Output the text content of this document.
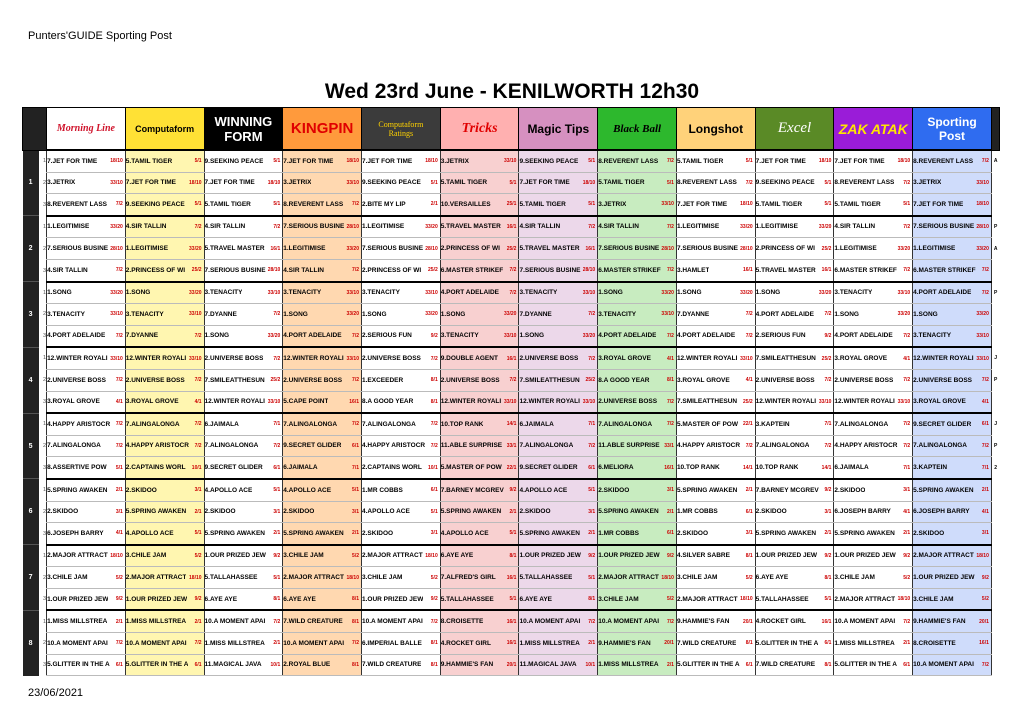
Punters'GUIDE Sporting Post
Wed 23rd June - KENILWORTH 12h30
		Morning Line	Computaform	WINNING
FORM	KINGPIN	Computaform
Ratings	Tricks	Magic Tips	Black Ball	Longshot	Excel	ZAK ATAK	Sporting
Post	
1	1	7.JET FOR TIME 18/10	5.TAMIL TIGER 5/1	9.SEEKING PEACE 5/1	7.JET FOR TIME 18/10	7.JET FOR TIME 18/10	3.JETRIX 33/10	9.SEEKING PEACE 5/1	8.REVERENT LASS 7/2	5.TAMIL TIGER 5/1	7.JET FOR TIME 18/10	7.JET FOR TIME 18/10	8.REVERENT LASS 7/2	A
	2	3.JETRIX 33/10	7.JET FOR TIME 18/10	7.JET FOR TIME 18/10	3.JETRIX 33/10	9.SEEKING PEACE 5/1	5.TAMIL TIGER 5/1	7.JET FOR TIME 18/10	5.TAMIL TIGER 5/1	8.REVERENT LASS 7/2	9.SEEKING PEACE 5/1	8.REVERENT LASS 7/2	3.JETRIX 33/10	

	3	8.REVERENT LASS 7/2	9.SEEKING PEACE 5/1	5.TAMIL TIGER 5/1	8.REVERENT LASS 7/2	2.BITE MY LIP 2/1	10.VERSAILLES 25/1	5.TAMIL TIGER 5/1	3.JETRIX 33/10	7.JET FOR TIME 18/10	5.TAMIL TIGER 5/1	5.TAMIL TIGER 5/1	7.JET FOR TIME 18/10	

2	1	1.LEGITIMISE 33/20	4.SIR TALLIN 7/2	4.SIR TALLIN 7/2	7.SERIOUS BUSINE 28/10	1.LEGITIMISE 33/20	5.TRAVEL MASTER 16/1	4.SIR TALLIN 7/2	4.SIR TALLIN 7/2	1.LEGITIMISE 33/20	1.LEGITIMISE 33/20	4.SIR TALLIN 7/2	7.SERIOUS BUSINE 28/10	P
	2	7.SERIOUS BUSINE 28/10	1.LEGITIMISE 33/20	5.TRAVEL MASTER 16/1	1.LEGITIMISE 33/20	7.SERIOUS BUSINE 28/10	2.PRINCESS OF WI 25/2	5.TRAVEL MASTER 16/1	7.SERIOUS BUSINE 28/10	7.SERIOUS BUSINE 28/10	2.PRINCESS OF WI 25/2	1.LEGITIMISE 33/20	1.LEGITIMISE 33/20	A
	3	4.SIR TALLIN 7/2	2.PRINCESS OF WI 25/2	7.SERIOUS BUSINE 28/10	4.SIR TALLIN 7/2	2.PRINCESS OF WI 25/2	6.MASTER STRIKEF 7/2	7.SERIOUS BUSINE 28/10	6.MASTER STRIKEF 7/2	3.HAMLET 16/1	5.TRAVEL MASTER 16/1	6.MASTER STRIKEF 7/2	6.MASTER STRIKEF 7/2	

3	1	1.SONG 33/20	1.SONG 33/20	3.TENACITY 33/10	3.TENACITY 33/10	3.TENACITY 33/10	4.PORT ADELAIDE 7/2	3.TENACITY 33/10	1.SONG 33/20	1.SONG 33/20	1.SONG 33/20	3.TENACITY 33/10	4.PORT ADELAIDE 7/2	P
	2	3.TENACITY 33/10	3.TENACITY 33/10	7.DYANNE 7/2	1.SONG 33/20	1.SONG 33/20	1.SONG 33/20	7.DYANNE 7/2	3.TENACITY 33/10	7.DYANNE 7/2	4.PORT ADELAIDE 7/2	1.SONG 33/20	1.SONG 33/20	

	3	4.PORT ADELAIDE 7/2	7.DYANNE 7/2	1.SONG 33/20	4.PORT ADELAIDE 7/2	2.SERIOUS FUN 9/2	3.TENACITY 33/10	1.SONG 33/20	4.PORT ADELAIDE 7/2	4.PORT ADELAIDE 7/2	2.SERIOUS FUN 9/2	4.PORT ADELAIDE 7/2	3.TENACITY 33/10	

4	1	12.WINTER ROYALI 33/10	12.WINTER ROYALI 33/10	2.UNIVERSE BOSS 7/2	12.WINTER ROYALI 33/10	2.UNIVERSE BOSS 7/2	9.DOUBLE AGENT 16/1	2.UNIVERSE BOSS 7/2	3.ROYAL GROVE 4/1	12.WINTER ROYALI 33/10	7.SMILEATTHESUN 25/2	3.ROYAL GROVE 4/1	12.WINTER ROYALI 33/10	J
	2	2.UNIVERSE BOSS 7/2	2.UNIVERSE BOSS 7/2	7.SMILEATTHESUN 25/2	2.UNIVERSE BOSS 7/2	1.EXCEEDER 8/1	2.UNIVERSE BOSS 7/2	7.SMILEATTHESUN 25/2	8.A GOOD YEAR 8/1	3.ROYAL GROVE 4/1	2.UNIVERSE BOSS 7/2	2.UNIVERSE BOSS 7/2	2.UNIVERSE BOSS 7/2	P
	3	3.ROYAL GROVE 4/1	3.ROYAL GROVE 4/1	12.WINTER ROYALI 33/10	5.CAPE POINT 16/1	8.A GOOD YEAR 8/1	12.WINTER ROYALI 33/10	12.WINTER ROYALI 33/10	2.UNIVERSE BOSS 7/2	7.SMILEATTHESUN 25/2	12.WINTER ROYALI 33/10	12.WINTER ROYALI 33/10	3.ROYAL GROVE 4/1	

5	1	4.HAPPY ARISTOCR 7/2	7.ALINGALONGA 7/2	6.JAIMALA 7/1	7.ALINGALONGA 7/2	7.ALINGALONGA 7/2	10.TOP RANK 14/1	6.JAIMALA 7/1	7.ALINGALONGA 7/2	5.MASTER OF POW 22/1	3.KAPTEIN 7/1	7.ALINGALONGA 7/2	9.SECRET GLIDER 6/1	J
	2	7.ALINGALONGA 7/2	4.HAPPY ARISTOCR 7/2	7.ALINGALONGA 7/2	9.SECRET GLIDER 6/1	4.HAPPY ARISTOCR 7/2	11.ABLE SURPRISE 33/1	7.ALINGALONGA 7/2	11.ABLE SURPRISE 33/1	4.HAPPY ARISTOCR 7/2	7.ALINGALONGA 7/2	4.HAPPY ARISTOCR 7/2	7.ALINGALONGA 7/2	P
	3	8.ASSERTIVE POW 5/1	2.CAPTAINS WORL 10/1	9.SECRET GLIDER 6/1	6.JAIMALA 7/1	2.CAPTAINS WORL 10/1	5.MASTER OF POW 22/1	9.SECRET GLIDER 6/1	6.MELIORA 16/1	10.TOP RANK 14/1	10.TOP RANK 14/1	6.JAIMALA 7/1	3.KAPTEIN 7/1	2
6	1	5.SPRING AWAKEN 2/1	2.SKIDOO 3/1	4.APOLLO ACE 5/1	4.APOLLO ACE 5/1	1.MR COBBS 6/1	7.BARNEY MCGREV 9/2	4.APOLLO ACE 5/1	2.SKIDOO 3/1	5.SPRING AWAKEN 2/1	7.BARNEY MCGREV 9/2	2.SKIDOO 3/1	5.SPRING AWAKEN 2/1	

	2	2.SKIDOO 3/1	5.SPRING AWAKEN 2/1	2.SKIDOO 3/1	2.SKIDOO 3/1	4.APOLLO ACE 5/1	5.SPRING AWAKEN 2/1	2.SKIDOO 3/1	5.SPRING AWAKEN 2/1	1.MR COBBS 6/1	2.SKIDOO 3/1	6.JOSEPH BARRY 4/1	6.JOSEPH BARRY 4/1	

	3	6.JOSEPH BARRY 4/1	4.APOLLO ACE 5/1	5.SPRING AWAKEN 2/1	5.SPRING AWAKEN 2/1	2.SKIDOO 3/1	4.APOLLO ACE 5/1	5.SPRING AWAKEN 2/1	1.MR COBBS 6/1	2.SKIDOO 3/1	5.SPRING AWAKEN 2/1	5.SPRING AWAKEN 2/1	2.SKIDOO 3/1	

7	1	2.MAJOR ATTRACT 18/10	3.CHILE JAM 5/2	1.OUR PRIZED JEW 9/2	3.CHILE JAM 5/2	2.MAJOR ATTRACT 18/10	6.AYE AYE 8/1	1.OUR PRIZED JEW 9/2	1.OUR PRIZED JEW 9/2	4.SILVER SABRE 8/1	1.OUR PRIZED JEW 9/2	1.OUR PRIZED JEW 9/2	2.MAJOR ATTRACT 18/10	

	2	3.CHILE JAM 5/2	2.MAJOR ATTRACT 18/10	5.TALLAHASSEE 5/1	2.MAJOR ATTRACT 18/10	3.CHILE JAM 5/2	7.ALFRED'S GIRL 16/1	5.TALLAHASSEE 5/1	2.MAJOR ATTRACT 18/10	3.CHILE JAM 5/2	6.AYE AYE 8/1	3.CHILE JAM 5/2	1.OUR PRIZED JEW 9/2	

	3	1.OUR PRIZED JEW 9/2	1.OUR PRIZED JEW 9/2	6.AYE AYE 8/1	6.AYE AYE 8/1	1.OUR PRIZED JEW 9/2	5.TALLAHASSEE 5/1	6.AYE AYE 8/1	3.CHILE JAM 5/2	2.MAJOR ATTRACT 18/10	5.TALLAHASSEE 5/1	2.MAJOR ATTRACT 18/10	3.CHILE JAM 5/2	

8	1	1.MISS MILLSTREA 2/1	1.MISS MILLSTREA 2/1	10.A MOMENT APAI 7/2	7.WILD CREATURE 8/1	10.A MOMENT APAI 7/2	8.CROISETTE 16/1	10.A MOMENT APAI 7/2	10.A MOMENT APAI 7/2	9.HAMMIE'S FAN 20/1	4.ROCKET GIRL 16/1	10.A MOMENT APAI 7/2	9.HAMMIE'S FAN 20/1	

	2	10.A MOMENT APAI 7/2	10.A MOMENT APAI 7/2	1.MISS MILLSTREA 2/1	10.A MOMENT APAI 7/2	6.IMPERIAL BALLE 8/1	4.ROCKET GIRL 16/1	1.MISS MILLSTREA 2/1	9.HAMMIE'S FAN 20/1	7.WILD CREATURE 8/1	5.GLITTER IN THE A 6/1	1.MISS MILLSTREA 2/1	8.CROISETTE 16/1	

	3	5.GLITTER IN THE A 6/1	5.GLITTER IN THE A 6/1	11.MAGICAL JAVA 10/1	2.ROYAL BLUE 8/1	7.WILD CREATURE 8/1	9.HAMMIE'S FAN 20/1	11.MAGICAL JAVA 10/1	1.MISS MILLSTREA 2/1	5.GLITTER IN THE A 6/1	7.WILD CREATURE 8/1	5.GLITTER IN THE A 6/1	10.A MOMENT APAI 7/2	

23/06/2021
